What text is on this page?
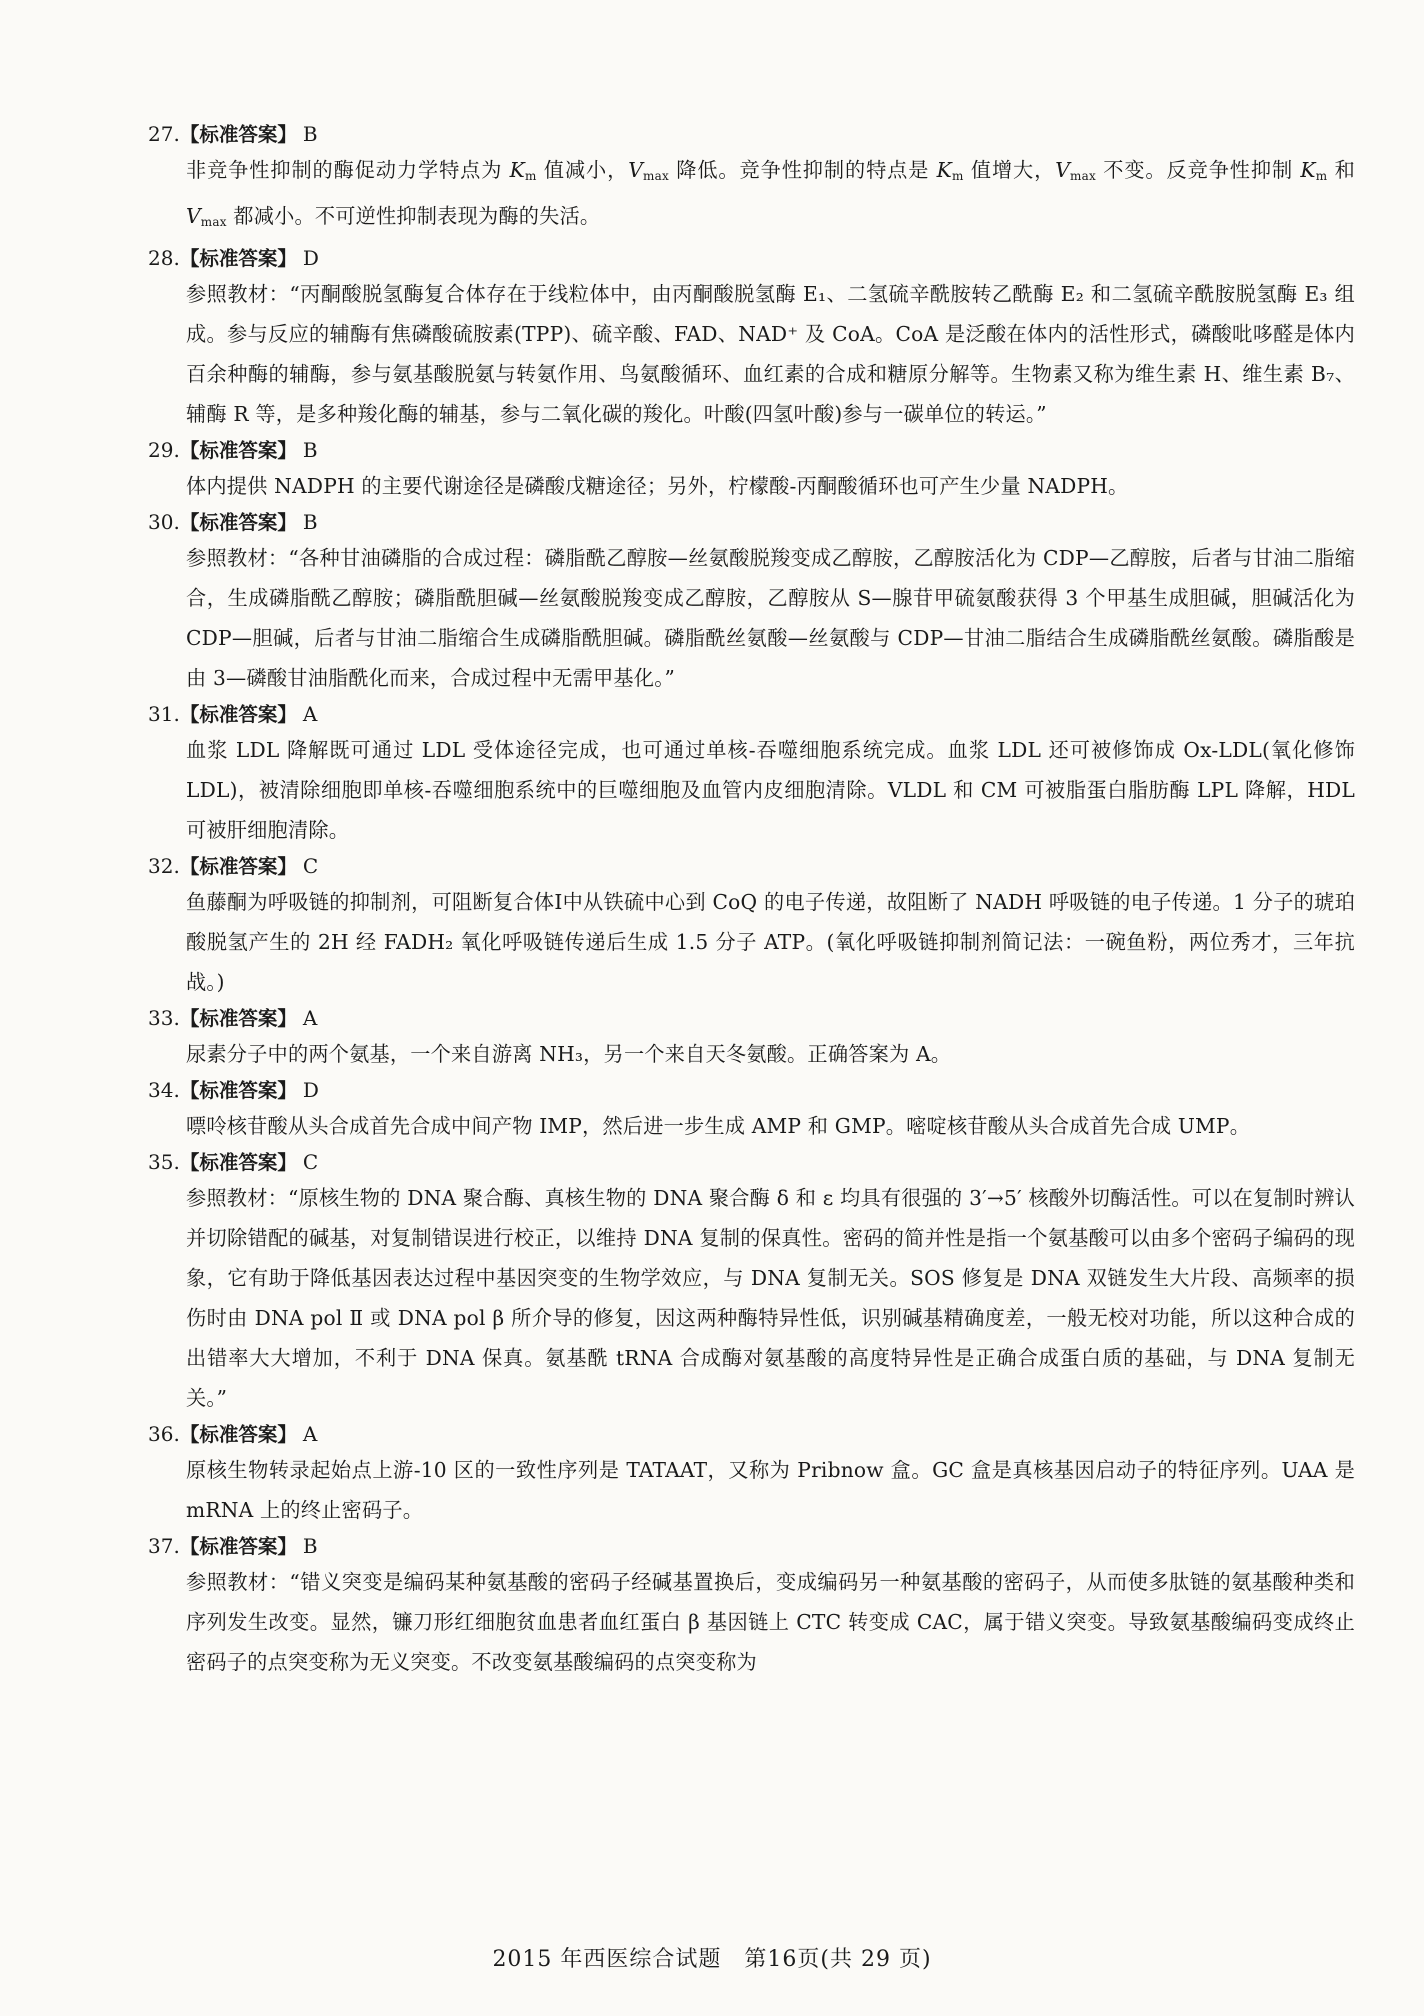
27.【标准答案】 B

非竞争性抑制的酶促动力学特点为 $K_m$ 值减小，$V_{max}$ 降低。竞争性抑制的特点是 $K_m$ 值增大，$V_{max}$ 不变。反竞争性抑制 $K_m$ 和 $V_{max}$ 都减小。不可逆性抑制表现为酶的失活。

28.【标准答案】 D

参照教材：“丙酮酸脱氢酶复合体存在于线粒体中，由丙酮酸脱氢酶 E₁、二氢硫辛酰胺转乙酰酶 E₂ 和二氢硫辛酰胺脱氢酶 E₃ 组成。参与反应的辅酶有焦磷酸硫胺素(TPP)、硫辛酸、FAD、NAD⁺ 及 CoA。CoA 是泛酸在体内的活性形式，磷酸吡哆醛是体内百余种酶的辅酶，参与氨基酸脱氨与转氨作用、鸟氨酸循环、血红素的合成和糖原分解等。生物素又称为维生素 H、维生素 B₇、辅酶 R 等，是多种羧化酶的辅基，参与二氧化碳的羧化。叶酸(四氢叶酸)参与一碳单位的转运。”

29.【标准答案】 B

体内提供 NADPH 的主要代谢途径是磷酸戊糖途径；另外，柠檬酸-丙酮酸循环也可产生少量 NADPH。

30.【标准答案】 B

参照教材：“各种甘油磷脂的合成过程：磷脂酰乙醇胺—丝氨酸脱羧变成乙醇胺，乙醇胺活化为 CDP—乙醇胺，后者与甘油二脂缩合，生成磷脂酰乙醇胺；磷脂酰胆碱—丝氨酸脱羧变成乙醇胺，乙醇胺从 S—腺苷甲硫氨酸获得 3 个甲基生成胆碱，胆碱活化为 CDP—胆碱，后者与甘油二脂缩合生成磷脂酰胆碱。磷脂酰丝氨酸—丝氨酸与 CDP—甘油二脂结合生成磷脂酰丝氨酸。磷脂酸是由 3—磷酸甘油脂酰化而来，合成过程中无需甲基化。”

31.【标准答案】 A

血浆 LDL 降解既可通过 LDL 受体途径完成，也可通过单核-吞噬细胞系统完成。血浆 LDL 还可被修饰成 Ox-LDL(氧化修饰 LDL)，被清除细胞即单核-吞噬细胞系统中的巨噬细胞及血管内皮细胞清除。VLDL 和 CM 可被脂蛋白脂肪酶 LPL 降解，HDL 可被肝细胞清除。

32.【标准答案】 C

鱼藤酮为呼吸链的抑制剂，可阻断复合体Ⅰ中从铁硫中心到 CoQ 的电子传递，故阻断了 NADH 呼吸链的电子传递。1 分子的琥珀酸脱氢产生的 2H 经 FADH₂ 氧化呼吸链传递后生成 1.5 分子 ATP。(氧化呼吸链抑制剂简记法：一碗鱼粉，两位秀才，三年抗战。)

33.【标准答案】 A

尿素分子中的两个氨基，一个来自游离 NH₃，另一个来自天冬氨酸。正确答案为 A。

34.【标准答案】 D

嘌呤核苷酸从头合成首先合成中间产物 IMP，然后进一步生成 AMP 和 GMP。嘧啶核苷酸从头合成首先合成 UMP。

35.【标准答案】 C

参照教材：“原核生物的 DNA 聚合酶、真核生物的 DNA 聚合酶 δ 和 ε 均具有很强的 3′→5′ 核酸外切酶活性。可以在复制时辨认并切除错配的碱基，对复制错误进行校正，以维持 DNA 复制的保真性。密码的简并性是指一个氨基酸可以由多个密码子编码的现象，它有助于降低基因表达过程中基因突变的生物学效应，与 DNA 复制无关。SOS 修复是 DNA 双链发生大片段、高频率的损伤时由 DNA pol Ⅱ 或 DNA pol β 所介导的修复，因这两种酶特异性低，识别碱基精确度差，一般无校对功能，所以这种合成的出错率大大增加，不利于 DNA 保真。氨基酰 tRNA 合成酶对氨基酸的高度特异性是正确合成蛋白质的基础，与 DNA 复制无关。”

36.【标准答案】 A

原核生物转录起始点上游-10 区的一致性序列是 TATAAT，又称为 Pribnow 盒。GC 盒是真核基因启动子的特征序列。UAA 是 mRNA 上的终止密码子。

37.【标准答案】 B

参照教材：“错义突变是编码某种氨基酸的密码子经碱基置换后，变成编码另一种氨基酸的密码子，从而使多肽链的氨基酸种类和序列发生改变。显然，镰刀形红细胞贫血患者血红蛋白 β 基因链上 CTC 转变成 CAC，属于错义突变。导致氨基酸编码变成终止密码子的点突变称为无义突变。不改变氨基酸编码的点突变称为

2015 年西医综合试题　第16页(共 29 页)
